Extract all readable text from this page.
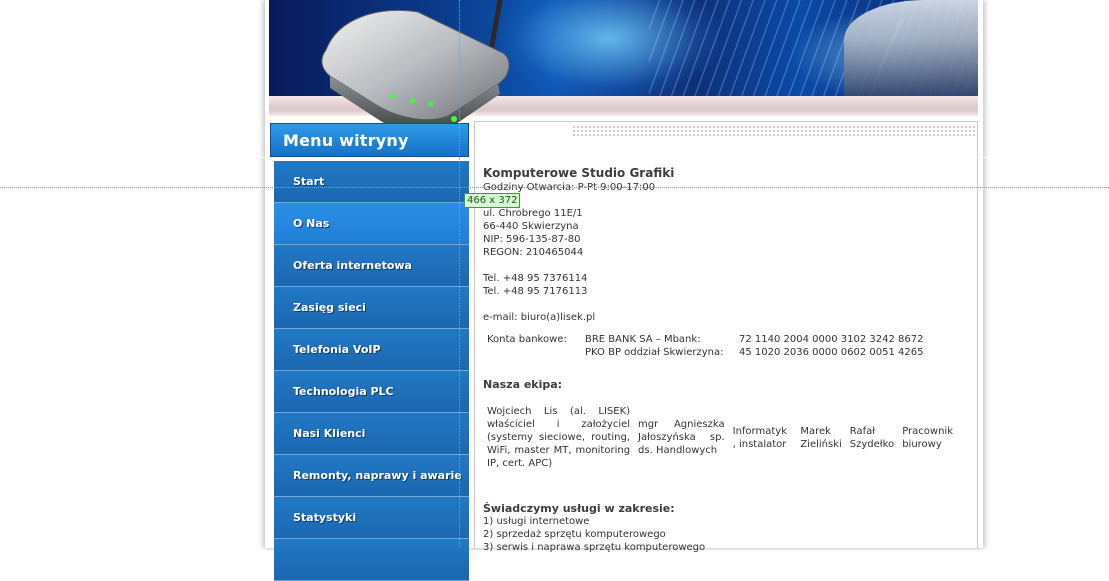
Menu witryny
Start
O Nas
Oferta internetowa
Zasięg sieci
Telefonia VoIP
Technologia PLC
Nasi Klienci
Remonty, naprawy i awarie
Statystyki
Komputerowe Studio Grafiki
Godziny Otwarcia: P-Pt 9:00-17:00
ul. Chrobrego 11E/1
66-440 Skwierzyna
NIP: 596-135-87-80
REGON: 210465044
Tel. +48 95 7376114
Tel. +48 95 7176113
e-mail: biuro(a)lisek.pl
Konta bankowe:	BRE BANK SA – Mbank:	72 1140 2004 0000 3102 3242 8672
	PKO BP oddział Skwierzyna:	45 1020 2036 0000 0602 0051 4265
Nasza ekipa:
Wojciech Lis (al. LISEK) właściciel i założyciel (systemy sieciowe, routing, WiFi, master MT, monitoring IP, cert. APC)	mgr Agnieszka Jałoszyńska sp. ds. Handlowych	Informatyk , instalator	Marek Zieliński	Rafał Szydełko	Pracownik biurowy
Świadczymy usługi w zakresie:
1) usługi internetowe
2) sprzedaż sprzętu komputerowego
3) serwis i naprawa sprzętu komputerowego
466 x 372
